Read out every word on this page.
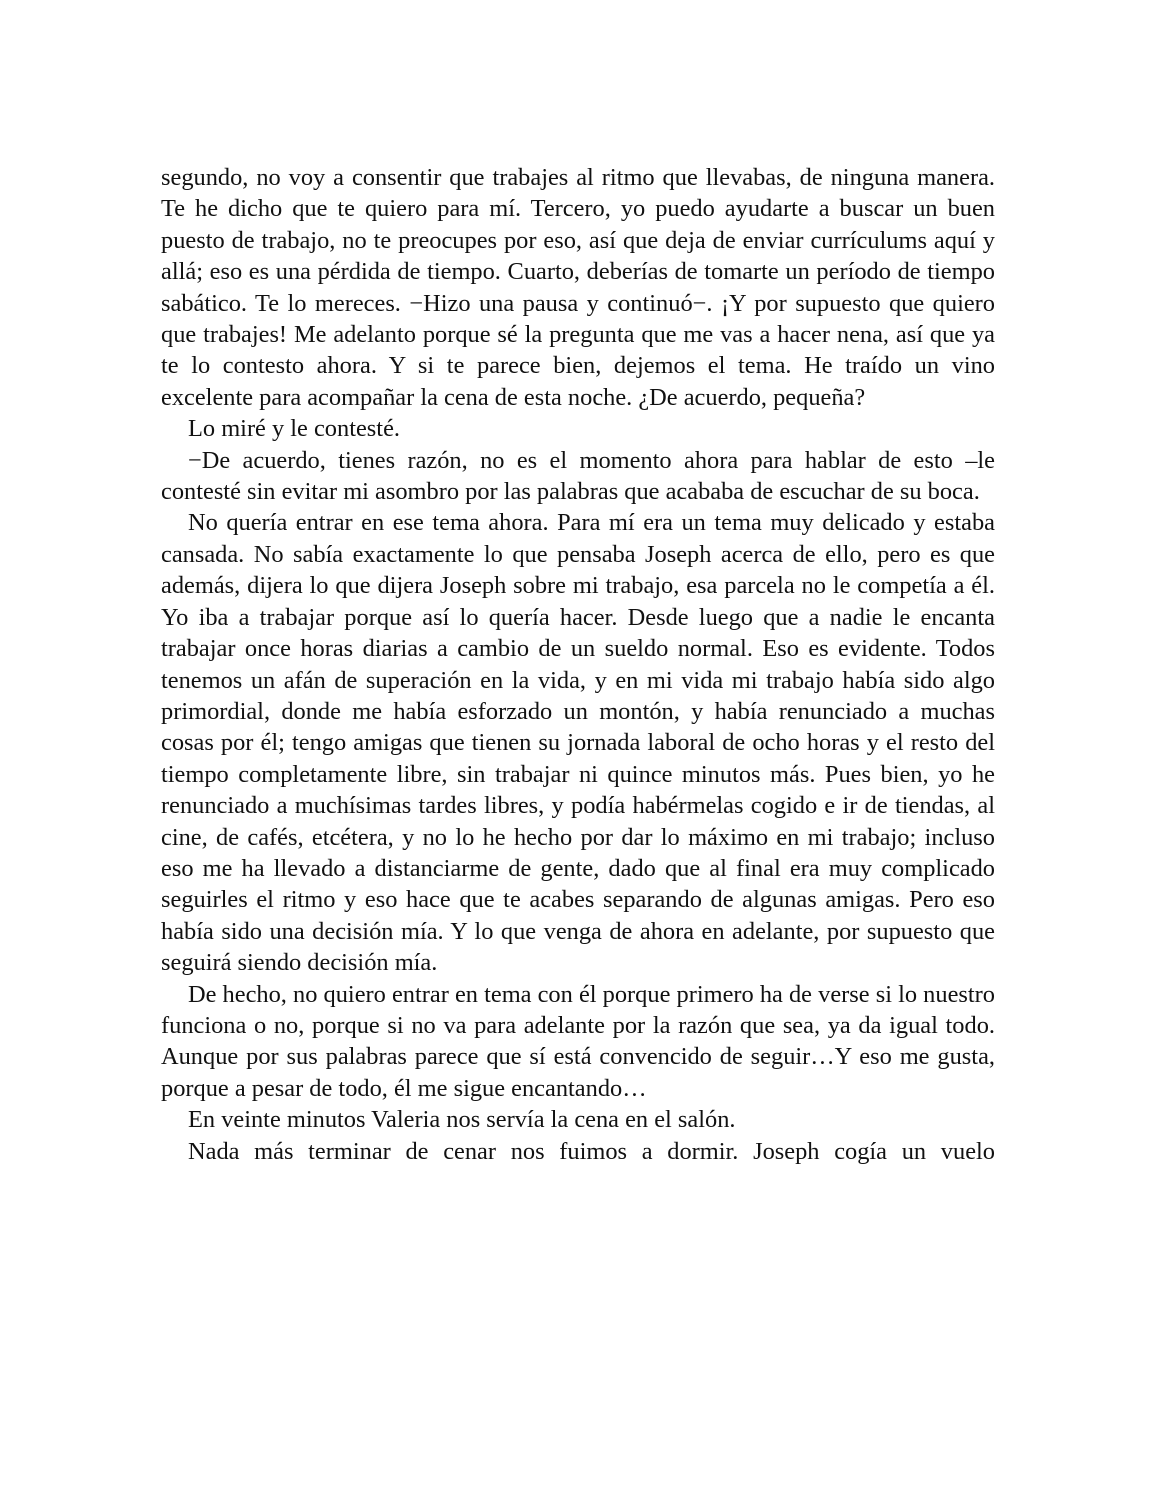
segundo, no voy a consentir que trabajes al ritmo que llevabas, de ninguna manera. Te he dicho que te quiero para mí. Tercero, yo puedo ayudarte a buscar un buen puesto de trabajo, no te preocupes por eso, así que deja de enviar currículums aquí y allá; eso es una pérdida de tiempo. Cuarto, deberías de tomarte un período de tiempo sabático. Te lo mereces. −Hizo una pausa y continuó−. ¡Y por supuesto que quiero que trabajes! Me adelanto porque sé la pregunta que me vas a hacer nena, así que ya te lo contesto ahora. Y si te parece bien, dejemos el tema. He traído un vino excelente para acompañar la cena de esta noche. ¿De acuerdo, pequeña?

Lo miré y le contesté.

−De acuerdo, tienes razón, no es el momento ahora para hablar de esto –le contesté sin evitar mi asombro por las palabras que acababa de escuchar de su boca.

No quería entrar en ese tema ahora. Para mí era un tema muy delicado y estaba cansada. No sabía exactamente lo que pensaba Joseph acerca de ello, pero es que además, dijera lo que dijera Joseph sobre mi trabajo, esa parcela no le competía a él. Yo iba a trabajar porque así lo quería hacer. Desde luego que a nadie le encanta trabajar once horas diarias a cambio de un sueldo normal. Eso es evidente. Todos tenemos un afán de superación en la vida, y en mi vida mi trabajo había sido algo primordial, donde me había esforzado un montón, y había renunciado a muchas cosas por él; tengo amigas que tienen su jornada laboral de ocho horas y el resto del tiempo completamente libre, sin trabajar ni quince minutos más. Pues bien, yo he renunciado a muchísimas tardes libres, y podía habérmelas cogido e ir de tiendas, al cine, de cafés, etcétera, y no lo he hecho por dar lo máximo en mi trabajo; incluso eso me ha llevado a distanciarme de gente, dado que al final era muy complicado seguirles el ritmo y eso hace que te acabes separando de algunas amigas. Pero eso había sido una decisión mía. Y lo que venga de ahora en adelante, por supuesto que seguirá siendo decisión mía.

De hecho, no quiero entrar en tema con él porque primero ha de verse si lo nuestro funciona o no, porque si no va para adelante por la razón que sea, ya da igual todo. Aunque por sus palabras parece que sí está convencido de seguir…Y eso me gusta, porque a pesar de todo, él me sigue encantando…

En veinte minutos Valeria nos servía la cena en el salón.

Nada más terminar de cenar nos fuimos a dormir. Joseph cogía un vuelo
